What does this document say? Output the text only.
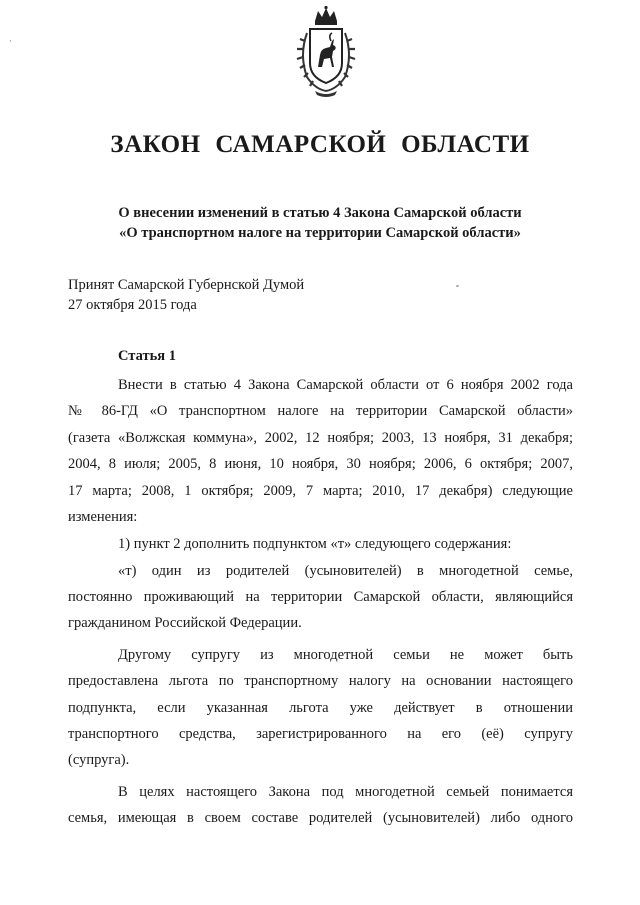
·
ЗАКОН САМАРСКОЙ ОБЛАСТИ
О внесении изменений в статью 4 Закона Самарской области
«О транспортном налоге на территории Самарской области»
Принят Самарской Губернской Думой
27 октября 2015 года
Статья 1
Внести в статью 4 Закона Самарской области от 6 ноября 2002 года
№ 86-ГД «О транспортном налоге на территории Самарской области»
(газета «Волжская коммуна», 2002, 12 ноября; 2003, 13 ноября, 31 декабря;
2004, 8 июля; 2005, 8 июня, 10 ноября, 30 ноября; 2006, 6 октября; 2007,
17 марта; 2008, 1 октября; 2009, 7 марта; 2010, 17 декабря) следующие
изменения:
1) пункт 2 дополнить подпунктом «т» следующего содержания:
«т) один из родителей (усыновителей) в многодетной семье,
постоянно проживающий на территории Самарской области, являющийся
гражданином Российской Федерации.
Другому супругу из многодетной семьи не может быть
предоставлена льгота по транспортному налогу на основании настоящего
подпункта, если указанная льгота уже действует в отношении
транспортного средства, зарегистрированного на его (её) супругу
(супруга).
В целях настоящего Закона под многодетной семьей понимается
семья, имеющая в своем составе родителей (усыновителей) либо одного
